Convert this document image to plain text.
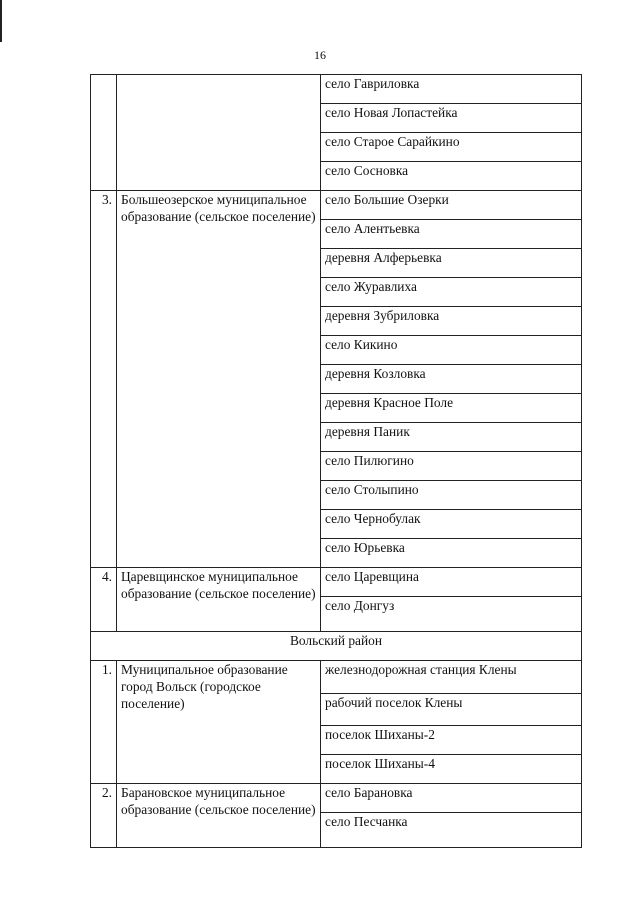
16
		село Гавриловка
		село Новая Лопастейка
		село Старое Сарайкино
		село Сосновка
3.	Большеозерское муниципальное образование (сельское поселение)	село Большие Озерки
		село Алентьевка
		деревня Алферьевка
		село Журавлиха
		деревня Зубриловка
		село Кикино
		деревня Козловка
		деревня Красное Поле
		деревня Паник
		село Пилюгино
		село Столыпино
		село Чернобулак
		село Юрьевка
4.	Царевщинское муниципальное образование (сельское поселение)	село Царевщина
		село Донгуз
Вольский район		
1.	Муниципальное образование город Вольск (городское поселение)	железнодорожная станция Клены
		рабочий поселок Клены
		поселок Шиханы-2
		поселок Шиханы-4
2.	Барановское муниципальное образование (сельское поселение)	село Барановка
		село Песчанка
